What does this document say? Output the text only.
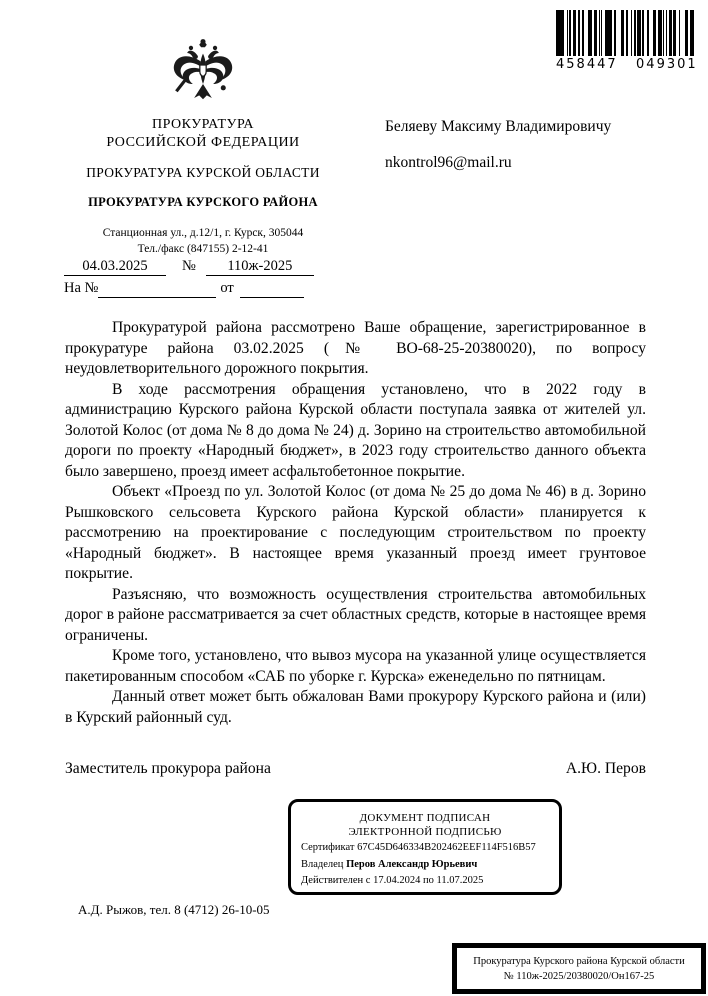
458447   049301
ПРОКУРАТУРА
РОССИЙСКОЙ ФЕДЕРАЦИИ
ПРОКУРАТУРА КУРСКОЙ ОБЛАСТИ
ПРОКУРАТУРА КУРСКОГО РАЙОНА
Станционная ул., д.12/1, г. Курск, 305044
Тел./факс (847155) 2-12-41
04.03.2025 № 110ж-2025
На №	от
Беляеву Максиму Владимировичу
nkontrol96@mail.ru

Прокуратурой района рассмотрено Ваше обращение, зарегистрированное в прокуратуре района 03.02.2025 (№ ВО-68-25-20380020), по вопросу неудовлетворительного дорожного покрытия.

В ходе рассмотрения обращения установлено, что в 2022 году в администрацию Курского района Курской области поступала заявка от жителей ул. Золотой Колос (от дома № 8 до дома № 24) д. Зорино на строительство автомобильной дороги по проекту «Народный бюджет», в 2023 году строительство данного объекта было завершено, проезд имеет асфальтобетонное покрытие.

Объект «Проезд по ул. Золотой Колос (от дома № 25 до дома № 46) в д. Зорино Рышковского сельсовета Курского района Курской области» планируется к рассмотрению на проектирование с последующим строительством по проекту «Народный бюджет». В настоящее время указанный проезд имеет грунтовое покрытие.

Разъясняю, что возможность осуществления строительства автомобильных дорог в районе рассматривается за счет областных средств, которые в настоящее время ограничены.

Кроме того, установлено, что вывоз мусора на указанной улице осуществляется пакетированным способом «САБ по уборке г. Курска» еженедельно по пятницам.

Данный ответ может быть обжалован Вами прокурору Курского района и (или) в Курский районный суд.

Заместитель прокурора района	А.Ю. Перов
ДОКУМЕНТ ПОДПИСАН
ЭЛЕКТРОННОЙ ПОДПИСЬЮ
Сертификат 67C45D646334B202462EEF114F516B57
Владелец Перов Александр Юрьевич
Действителен с 17.04.2024 по 11.07.2025
А.Д. Рыжов, тел. 8 (4712) 26-10-05
Прокуратура Курского района Курской области
№ 110ж-2025/20380020/Он167-25
